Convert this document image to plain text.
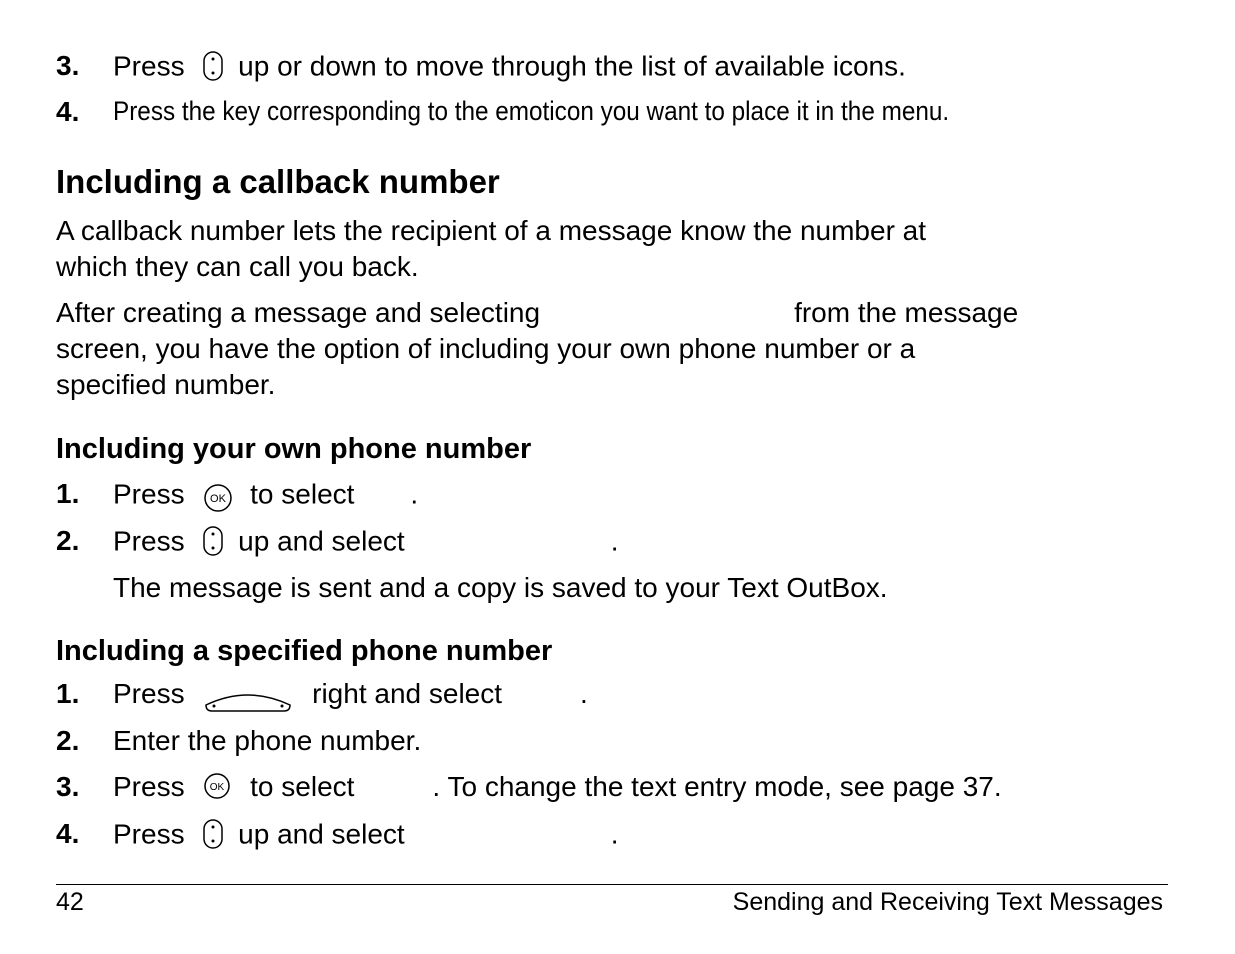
3. Press up or down to move through the list of available icons.
4. Press the key corresponding to the emoticon you want to place it in the menu.
Including a callback number
A callback number lets the recipient of a message know the number at
which they can call you back.
After creating a message and selecting	from the message
screen, you have the option of including your own phone number or a
specified number.
Including your own phone number
1. Press OK to select .
2. Press up and select	.
The message is sent and a copy is saved to your Text OutBox.
Including a specified phone number
1. Press	right and select	.
2. Enter the phone number.
3. Press	OK to select	. To change the text entry mode, see page 37.
4. Press up and select	.
42	Sending and Receiving Text Messages
